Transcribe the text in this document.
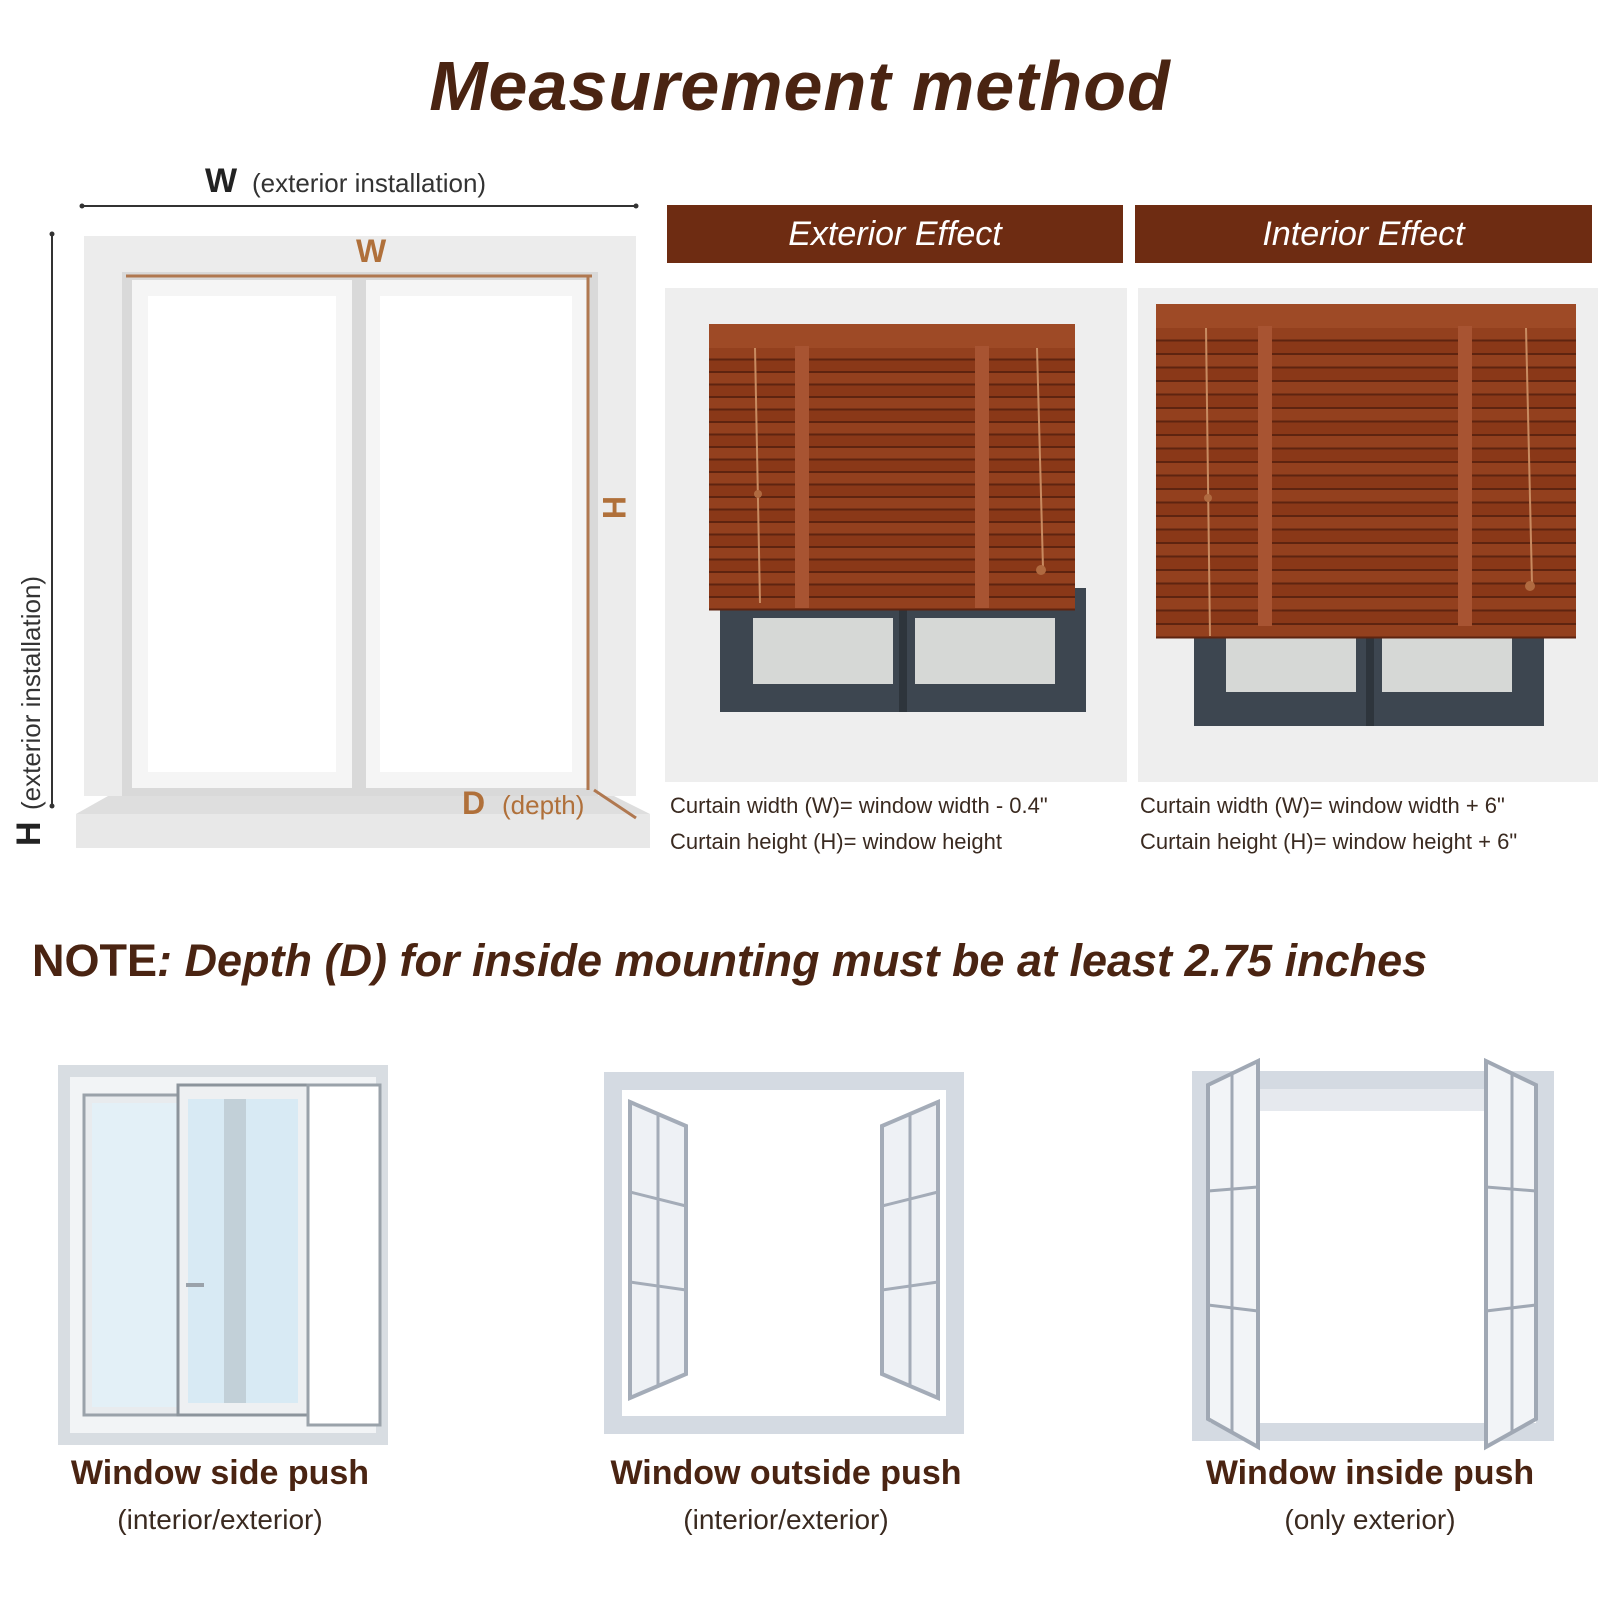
Measurement method
W (exterior installation)
H
(exterior installation)
W
H
D (depth)
Exterior Effect
Curtain width (W)= window width - 0.4"
Curtain height (H)= window height
Interior Effect
Curtain width (W)= window width + 6"
Curtain height (H)= window height + 6"
NOTE: Depth (D) for inside mounting must be at least 2.75 inches
Window side push
(interior/exterior)
Window outside push
(interior/exterior)
Window inside push
(only exterior)
